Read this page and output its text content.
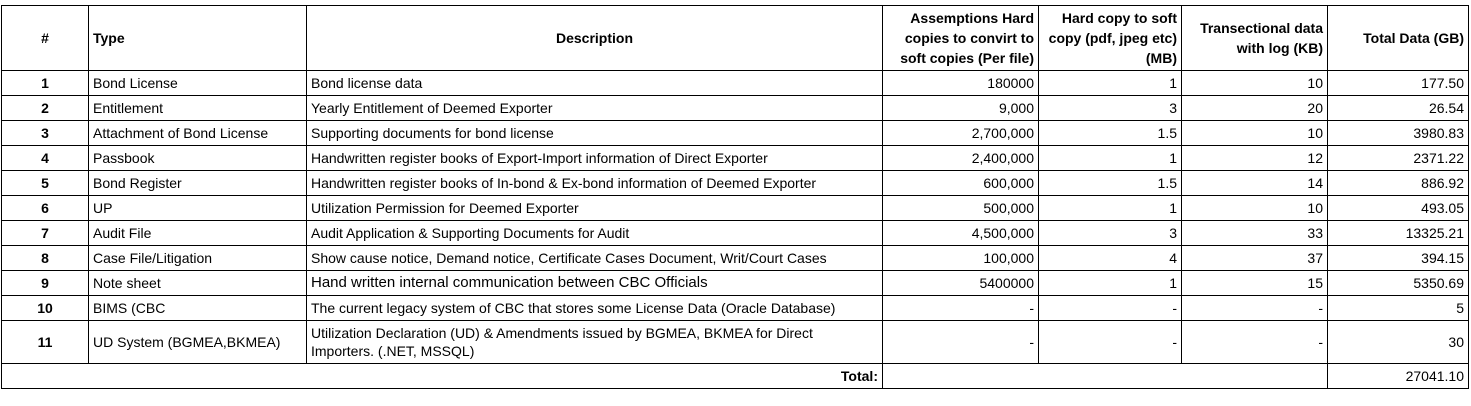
#	Type	Description	Assemptions Hard copies to convirt to soft copies (Per file)	Hard copy to soft copy (pdf, jpeg etc) (MB)	Transectional data with log (KB)	Total Data (GB)
1	Bond License	Bond license data	180000	1	10	177.50
2	Entitlement	Yearly Entitlement of Deemed Exporter	9,000	3	20	26.54
3	Attachment of Bond License	Supporting documents for bond license	2,700,000	1.5	10	3980.83
4	Passbook	Handwritten register books of Export-Import information of Direct Exporter	2,400,000	1	12	2371.22
5	Bond Register	Handwritten register books of In-bond & Ex-bond information of Deemed Exporter	600,000	1.5	14	886.92
6	UP	Utilization Permission for Deemed Exporter	500,000	1	10	493.05
7	Audit File	Audit Application & Supporting Documents for Audit	4,500,000	3	33	13325.21
8	Case File/Litigation	Show cause notice, Demand notice, Certificate Cases Document, Writ/Court Cases	100,000	4	37	394.15
9	Note sheet	Hand written internal communication between CBC Officials	5400000	1	15	5350.69
10	BIMS (CBC	The current legacy system of CBC that stores some License Data (Oracle Database)	-	-	-	5
11	UD System (BGMEA,BKMEA)	Utilization Declaration (UD) & Amendments issued by BGMEA, BKMEA for Direct Importers. (.NET, MSSQL)	-	-	-	30
Total:						27041.10
